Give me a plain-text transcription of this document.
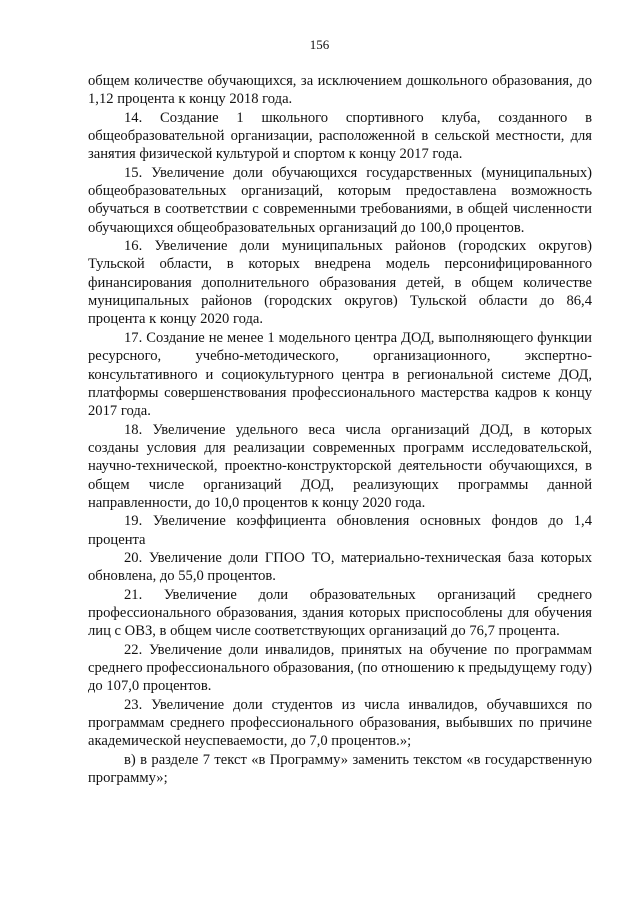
156

общем количестве обучающихся, за исключением дошкольного образования, до 1,12 процента к концу 2018 года.

14. Создание 1 школьного спортивного клуба, созданного в общеобразовательной организации, расположенной в сельской местности, для занятия физической культурой и спортом к концу 2017 года.

15. Увеличение доли обучающихся государственных (муниципальных) общеобразовательных организаций, которым предоставлена возможность обучаться в соответствии с современными требованиями, в общей численности обучающихся общеобразовательных организаций до 100,0 процентов.

16. Увеличение доли муниципальных районов (городских округов) Тульской области, в которых внедрена модель персонифицированного финансирования дополнительного образования детей, в общем количестве муниципальных районов (городских округов) Тульской области до 86,4 процента к концу 2020 года.

17. Создание не менее 1 модельного центра ДОД, выполняющего функции ресурсного, учебно-методического, организационного, экспертно-консультативного и социокультурного центра в региональной системе ДОД, платформы совершенствования профессионального мастерства кадров к концу 2017 года.

18. Увеличение удельного веса числа организаций ДОД, в которых созданы условия для реализации современных программ исследовательской, научно-технической, проектно-конструкторской деятельности обучающихся, в общем числе организаций ДОД, реализующих программы данной направленности, до 10,0 процентов к концу 2020 года.

19. Увеличение коэффициента обновления основных фондов до 1,4 процента

20. Увеличение доли ГПОО ТО, материально-техническая база которых обновлена, до 55,0 процентов.

21. Увеличение доли образовательных организаций среднего профессионального образования, здания которых приспособлены для обучения лиц с ОВЗ, в общем числе соответствующих организаций до 76,7 процента.

22. Увеличение доли инвалидов, принятых на обучение по программам среднего профессионального образования, (по отношению к предыдущему году) до 107,0 процентов.

23. Увеличение доли студентов из числа инвалидов, обучавшихся по программам среднего профессионального образования, выбывших по причине академической неуспеваемости, до 7,0 процентов.»;

в) в разделе 7 текст «в Программу» заменить текстом «в государственную программу»;
